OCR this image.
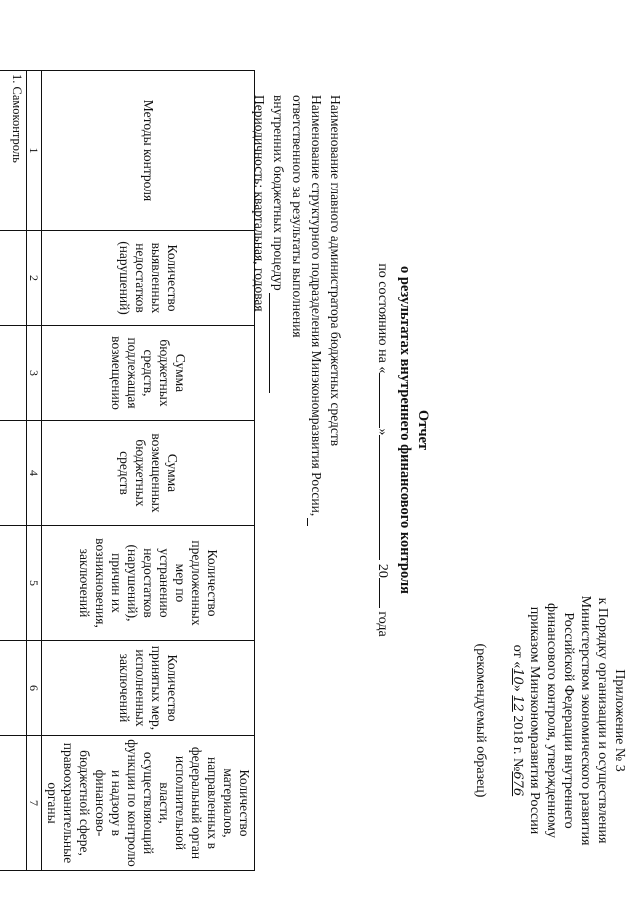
Приложение № 3
к Порядку организации и осуществления
Министерством экономического развития
Российской Федерации внутреннего
финансового контроля, утвержденному
приказом Минэкономразвития России
от «10» 12 2018 г. №676
(рекомендуемый образец)
Отчет
о результатах внутреннего финансового контроля
по состоянию на «» 20 года
Наименование главного администратора бюджетных средств
Наименование структурного подразделения Минэкономразвития России,
ответственного за результаты выполнения
внутренних бюджетных процедур
Периодичность: квартальная, годовая
Методы контроля	Количество выявленных недостатков (нарушений)	Сумма бюджетных средств, подлежащая возмещению	Сумма возмещенных бюджетных средств	Количество предложенных мер по устранению недостатков (нарушений), причин их возникновения, заключений	Количество принятых мер, исполненных заключений	Количество материалов, направленных в федеральный орган исполнительной власти, осуществляющий функции по контролю и надзору в финансово-бюджетной сфере, правоохранительные органы
1	2	3	4	5	6	7
1. Самоконтроль						
